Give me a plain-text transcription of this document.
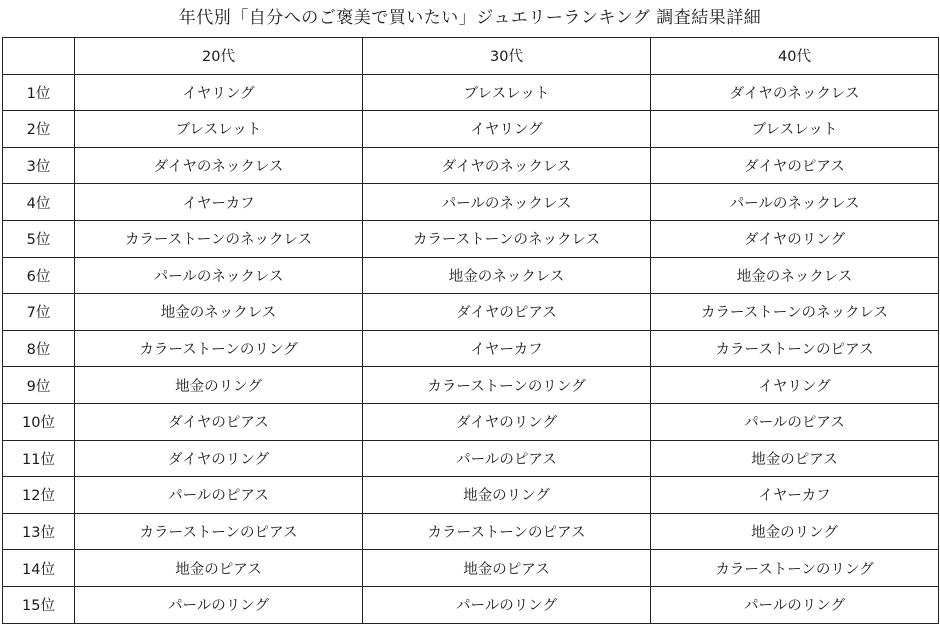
年代別「自分へのご褒美で買いたい」ジュエリーランキング 調査結果詳細
	20代	30代	40代
1位	イヤリング	ブレスレット	ダイヤのネックレス
2位	ブレスレット	イヤリング	ブレスレット
3位	ダイヤのネックレス	ダイヤのネックレス	ダイヤのピアス
4位	イヤーカフ	パールのネックレス	パールのネックレス
5位	カラーストーンのネックレス	カラーストーンのネックレス	ダイヤのリング
6位	パールのネックレス	地金のネックレス	地金のネックレス
7位	地金のネックレス	ダイヤのピアス	カラーストーンのネックレス
8位	カラーストーンのリング	イヤーカフ	カラーストーンのピアス
9位	地金のリング	カラーストーンのリング	イヤリング
10位	ダイヤのピアス	ダイヤのリング	パールのピアス
11位	ダイヤのリング	パールのピアス	地金のピアス
12位	パールのピアス	地金のリング	イヤーカフ
13位	カラーストーンのピアス	カラーストーンのピアス	地金のリング
14位	地金のピアス	地金のピアス	カラーストーンのリング
15位	パールのリング	パールのリング	パールのリング
